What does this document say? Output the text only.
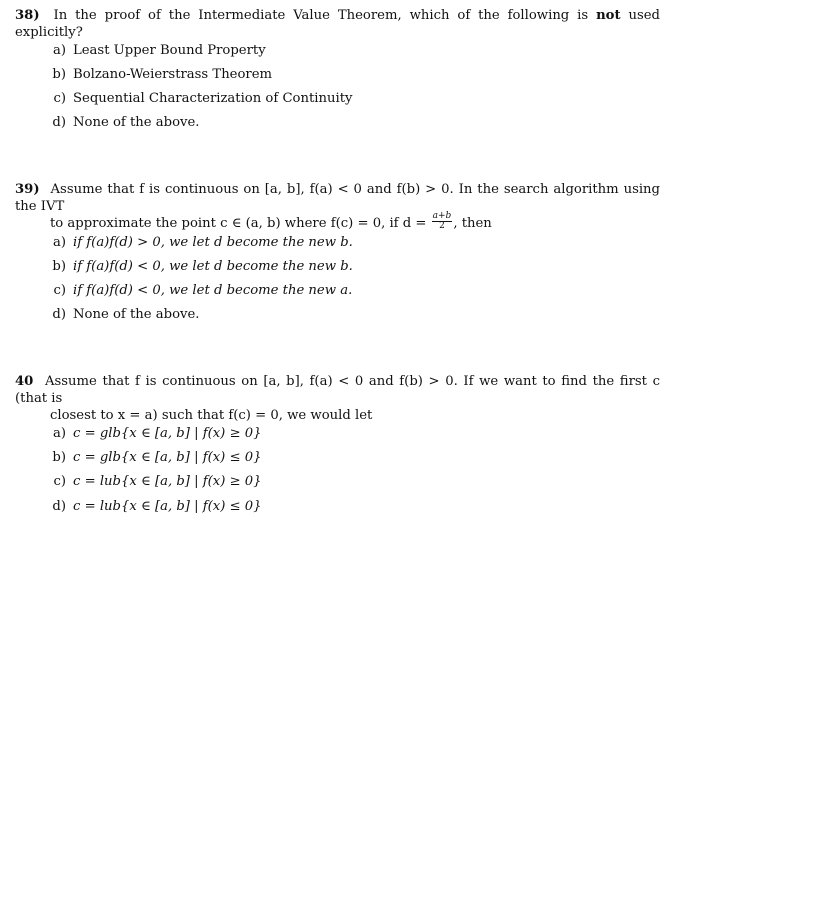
38) In the proof of the Intermediate Value Theorem, which of the following is not used explicitly?
a) Least Upper Bound Property
b) Bolzano-Weierstrass Theorem
c) Sequential Characterization of Continuity
d) None of the above.
39) Assume that f is continuous on [a, b], f(a) < 0 and f(b) > 0. In the search algorithm using the IVT
to approximate the point c ∈ (a, b) where f(c) = 0, if $d = \frac{a+b}{2}$ , then
a) if f(a)f(d) > 0, we let d become the new b.
b) if f(a)f(d) < 0, we let d become the new b.
c) if f(a)f(d) < 0, we let d become the new a.
d) None of the above.
40 Assume that f is continuous on [a, b], f(a) < 0 and f(b) > 0. If we want to find the first c (that is
closest to x = a) such that f(c) = 0, we would let
a) c = glb{x ∈ [a, b] | f(x) ≥ 0}
b) c = glb{x ∈ [a, b] | f(x) ≤ 0}
c) c = lub{x ∈ [a, b] | f(x) ≥ 0}
d) c = lub{x ∈ [a, b] | f(x) ≤ 0}
